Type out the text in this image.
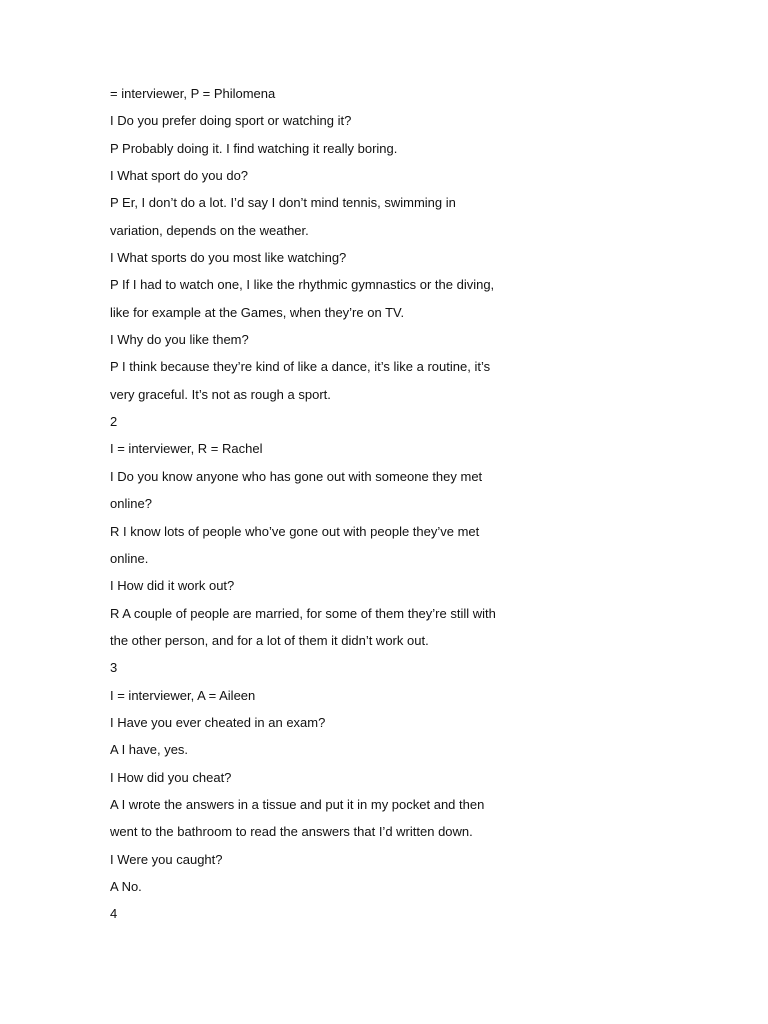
= interviewer, P = Philomena
I Do you prefer doing sport or watching it?
P Probably doing it. I find watching it really boring.
I What sport do you do?
P Er, I don’t do a lot. I’d say I don’t mind tennis, swimming in
variation, depends on the weather.
I What sports do you most like watching?
P If I had to watch one, I like the rhythmic gymnastics or the diving,
like for example at the Games, when they’re on TV.
I Why do you like them?
P I think because they’re kind of like a dance, it’s like a routine, it’s
very graceful. It’s not as rough a sport.
2
I = interviewer, R = Rachel
I Do you know anyone who has gone out with someone they met
online?
R I know lots of people who’ve gone out with people they’ve met
online.
I How did it work out?
R A couple of people are married, for some of them they’re still with
the other person, and for a lot of them it didn’t work out.
3
I = interviewer, A = Aileen
I Have you ever cheated in an exam?
A I have, yes.
I How did you cheat?
A I wrote the answers in a tissue and put it in my pocket and then
went to the bathroom to read the answers that I’d written down.
I Were you caught?
A No.
4
